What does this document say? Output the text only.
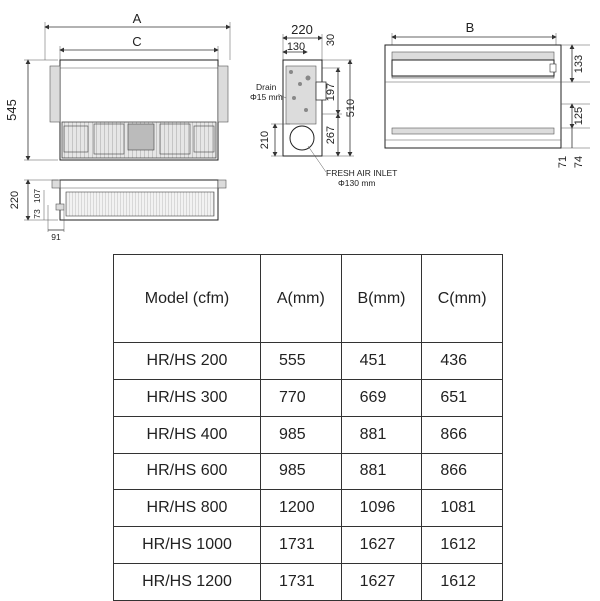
A
C
545
220 107
73
91
220
130
30
Drain
Φ15 mm	197
510
267
210
FRESH AIR INLET
Φ130 mm
B
133
125
71 74
Model (cfm)	A(mm)	B(mm)	C(mm)
HR/HS 200	555	451	436
HR/HS 300	770	669	651
HR/HS 400	985	881	866
HR/HS 600	985	881	866
HR/HS 800	1200	1096	1081
HR/HS 1000	1731	1627	1612
HR/HS 1200	1731	1627	1612
